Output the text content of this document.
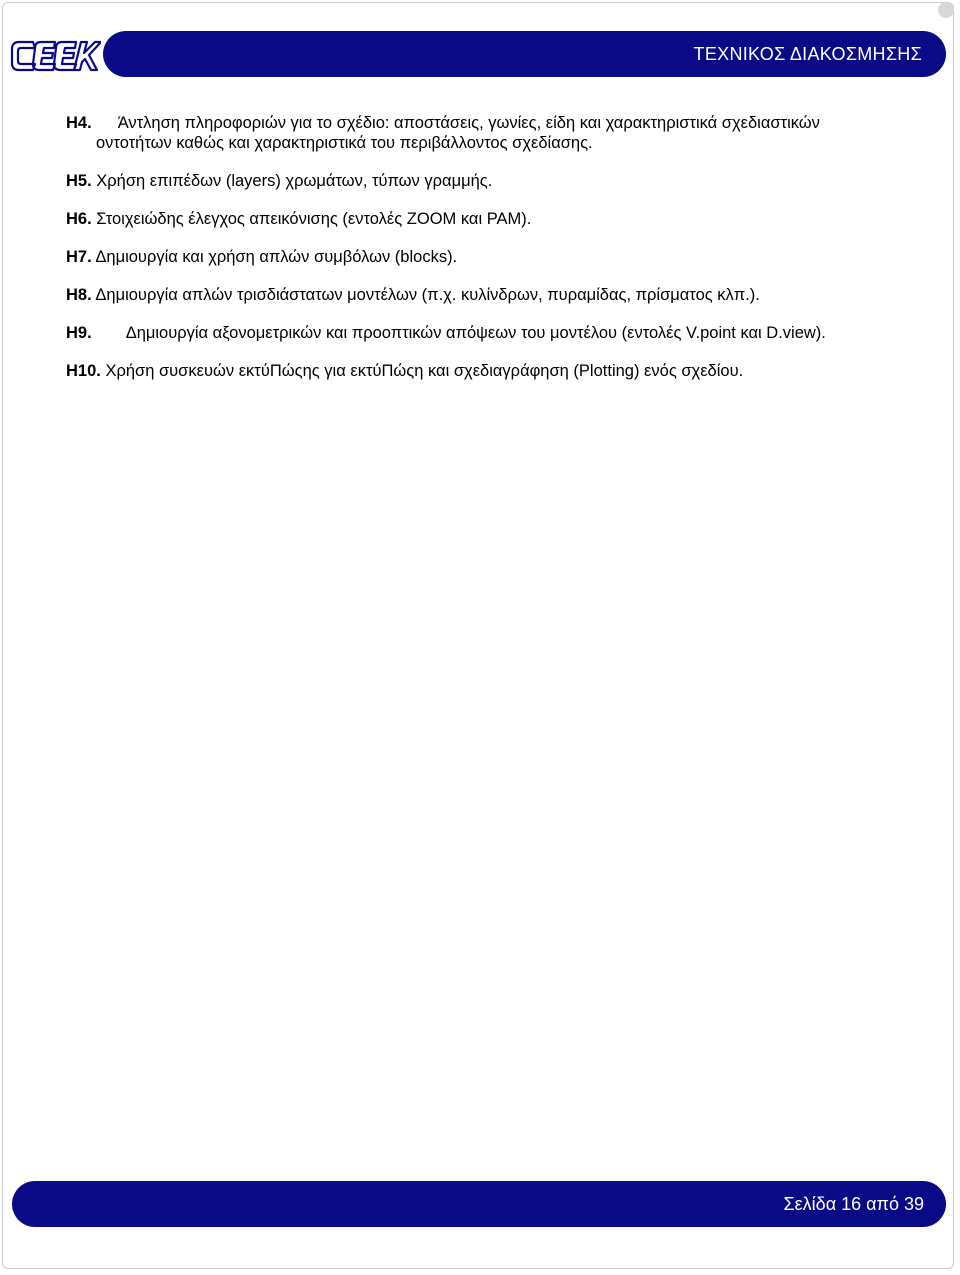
ΤΕΧΝΙΚΟΣ ΔΙΑΚΟΣΜΗΣΗΣ
Η4. Άντληση πληροφοριών για το σχέδιο: αποστάσεις, γωνίες, είδη και χαρακτηριστικά σχεδιαστικών
οντοτήτων καθώς και χαρακτηριστικά του περιβάλλοντος σχεδίασης.
Η5. Χρήση επιπέδων (layers) χρωμάτων, τύπων γραμμής.
Η6. Στοιχειώδης έλεγχος απεικόνισης (εντολές ZOOM και PAM).
Η7. Δημιουργία και χρήση απλών συμβόλων (blocks).
Η8. Δημιουργία απλών τρισδιάστατων μοντέλων (π.χ. κυλίνδρων, πυραμίδας, πρίσματος κλπ.).
Η9. Δημιουργία αξονομετρικών και προοπτικών απόψεων του μοντέλου (εντολές V.point και D.view).
Η10. Χρήση συσκευών εκτύΠώςης για εκτύΠώςη και σχεδιαγράφηση (Plotting) ενός σχεδίου.
Σελίδα 16 από 39
